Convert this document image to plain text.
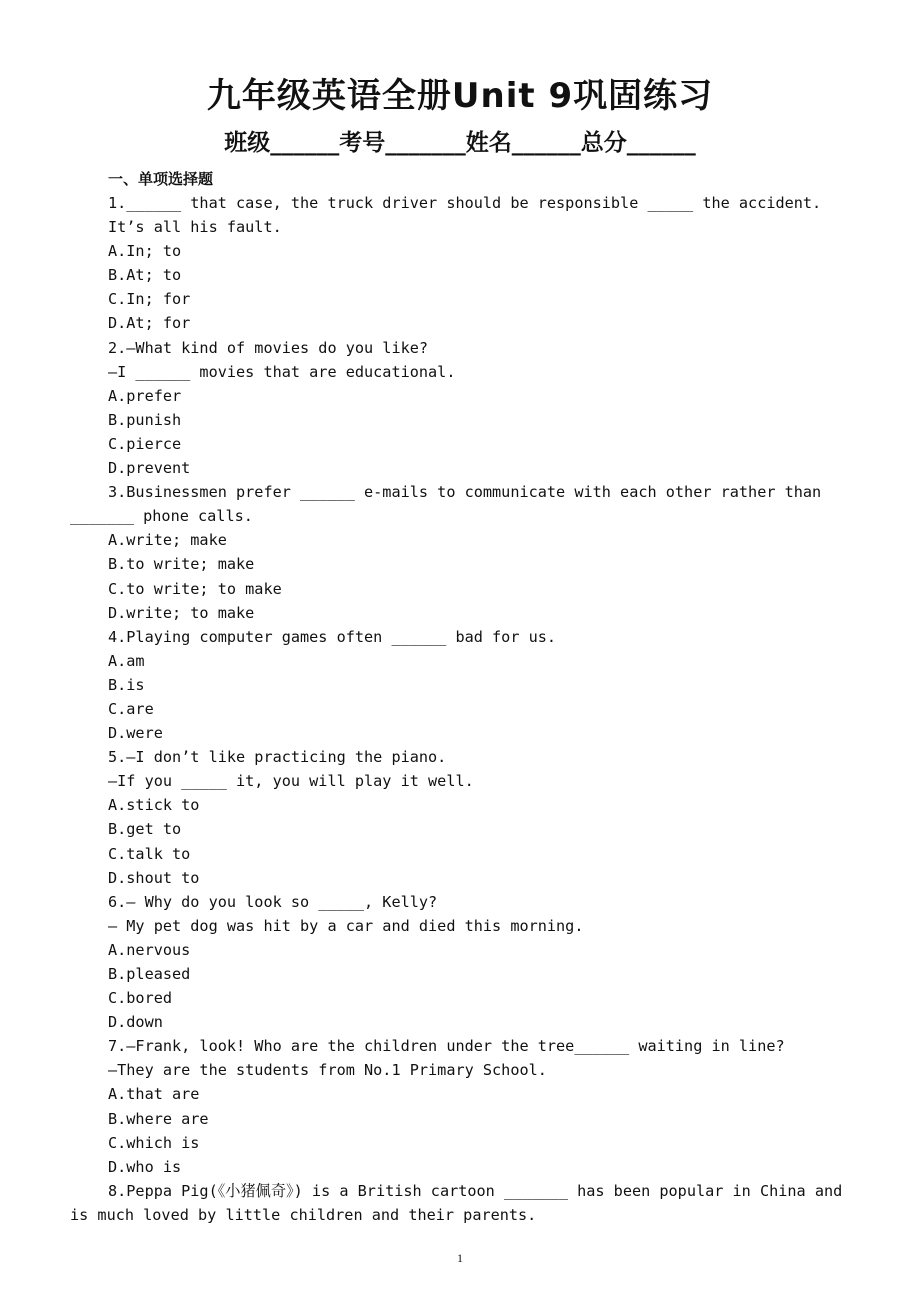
九年级英语全册Unit 9巩固练习
班级______考号_______姓名______总分______
一、单项选择题
1.______ that case, the truck driver should be responsible _____ the accident.
It’s all his fault.
A.In; to
B.At; to
C.In; for
D.At; for
2.—What kind of movies do you like?
—I ______ movies that are educational.
A.prefer
B.punish
C.pierce
D.prevent
3.Businessmen prefer ______ e-mails to communicate with each other rather than
_______ phone calls.
A.write; make
B.to write; make
C.to write; to make
D.write; to make
4.Playing computer games often ______ bad for us.
A.am
B.is
C.are
D.were
5.—I don’t like practicing the piano.
—If you _____ it, you will play it well.
A.stick to
B.get to
C.talk to
D.shout to
6.— Why do you look so _____, Kelly?
— My pet dog was hit by a car and died this morning.
A.nervous
B.pleased
C.bored
D.down
7.—Frank, look! Who are the children under the tree______ waiting in line?
—They are the students from No.1 Primary School.
A.that are
B.where are
C.which is
D.who is
8.Peppa Pig(《小猪佩奇》) is a British cartoon _______ has been popular in China and
is much loved by little children and their parents.
1
